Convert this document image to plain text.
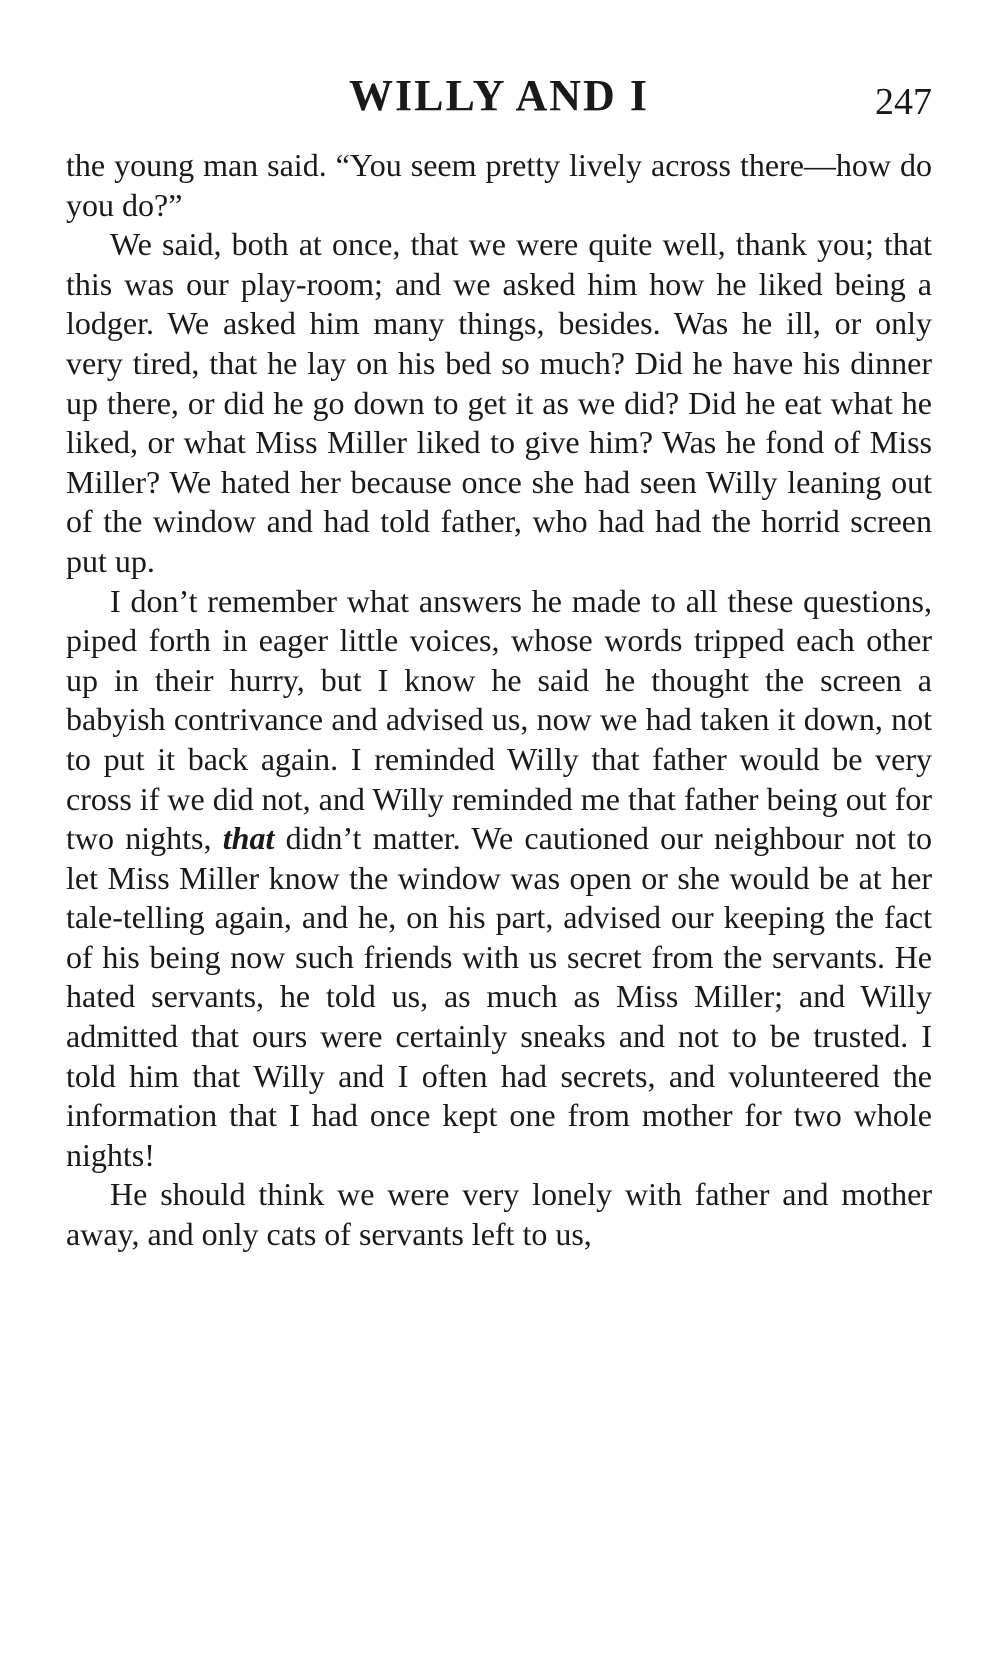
WILLY AND I	247

the young man said. “You seem pretty lively across there—how do you do?”

We said, both at once, that we were quite well, thank you; that this was our play-room; and we asked him how he liked being a lodger. We asked him many things, besides. Was he ill, or only very tired, that he lay on his bed so much? Did he have his dinner up there, or did he go down to get it as we did? Did he eat what he liked, or what Miss Miller liked to give him? Was he fond of Miss Miller? We hated her because once she had seen Willy leaning out of the window and had told father, who had had the horrid screen put up.

I don’t remember what answers he made to all these questions, piped forth in eager little voices, whose words tripped each other up in their hurry, but I know he said he thought the screen a babyish contrivance and advised us, now we had taken it down, not to put it back again. I reminded Willy that father would be very cross if we did not, and Willy reminded me that father being out for two nights, that didn’t matter. We cautioned our neighbour not to let Miss Miller know the window was open or she would be at her tale-telling again, and he, on his part, advised our keeping the fact of his being now such friends with us secret from the servants. He hated servants, he told us, as much as Miss Miller; and Willy admitted that ours were certainly sneaks and not to be trusted. I told him that Willy and I often had secrets, and volunteered the information that I had once kept one from mother for two whole nights!

He should think we were very lonely with father and mother away, and only cats of servants left to us,
